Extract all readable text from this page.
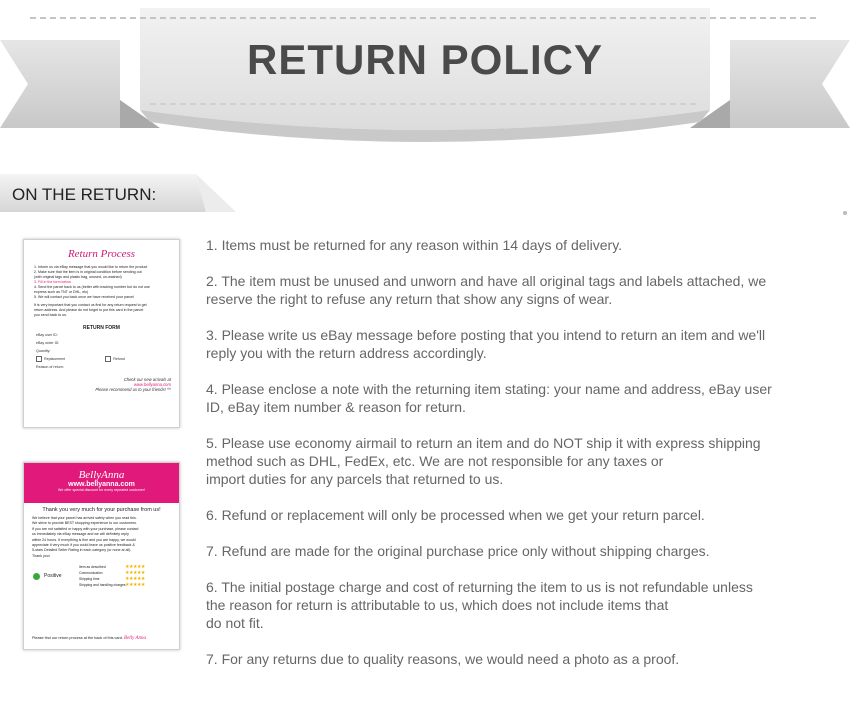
RETURN POLICY
ON THE RETURN:
Return Process
1. Inform us via eBay message that you would like to return the product
2. Make sure that the item is in original condition before sending out
(with original tags and plastic bag, unused, un-washed)
3. Fill in the form below
4. Send the parcel back to us (better with tracking number but do not use
express such as TNT or DHL, etc)
5. We will contact you back once we have received your parcel
It is very important that you contact us first for any return request to get
return address. And please do not forget to put this card in the parcel
you send back to us.
RETURN FORM
eBay user ID:
eBay order ID:
Quantity:
Replacement	Refund
Reason of return:
Check our new arrivals at
www.bellyanna.com
Please recommend us to your friends! ^^
BellyAnna
www.bellyanna.com
We offer special discount for every repeated customer!
Thank you very much for your purchase from us!
We believe that your parcel has arrived safely when you read this.
We strive to provide BEST shopping experience to our customers.
If you are not satisfied or happy with your purchase, please contact
us immediately via eBay message and we will definitely reply
within 24 hours. If everything is fine and you are happy, we would
appreciate it very much if you could leave us positive feedback &
5-stars Detailed Seller Rating in each category (or none at all).
Thank you!
Positive
Item as described	★★★★★
Communication	★★★★★
Shipping time	★★★★★
Shipping and handling charges★★★★★
Please find our return process at the back of this card. Belly Anna

1. Items must be returned for any reason within 14 days of delivery.

2. The item must be unused and unworn and have all original tags and labels attached, we
reserve the right to refuse any return that show any signs of wear.

3. Please write us eBay message before posting that you intend to return an item and we'll
reply you with the return address accordingly.

4. Please enclose a note with the returning item stating: your name and address, eBay user
ID, eBay item number & reason for return.

5. Please use economy airmail to return an item and do NOT ship it with express shipping
method such as DHL, FedEx, etc. We are not responsible for any taxes or
import duties for any parcels that returned to us.

6. Refund or replacement will only be processed when we get your return parcel.

7. Refund are made for the original purchase price only without shipping charges.

6. The initial postage charge and cost of returning the item to us is not refundable unless
the reason for return is attributable to us, which does not include items that
do not fit.

7. For any returns due to quality reasons, we would need a photo as a proof.
